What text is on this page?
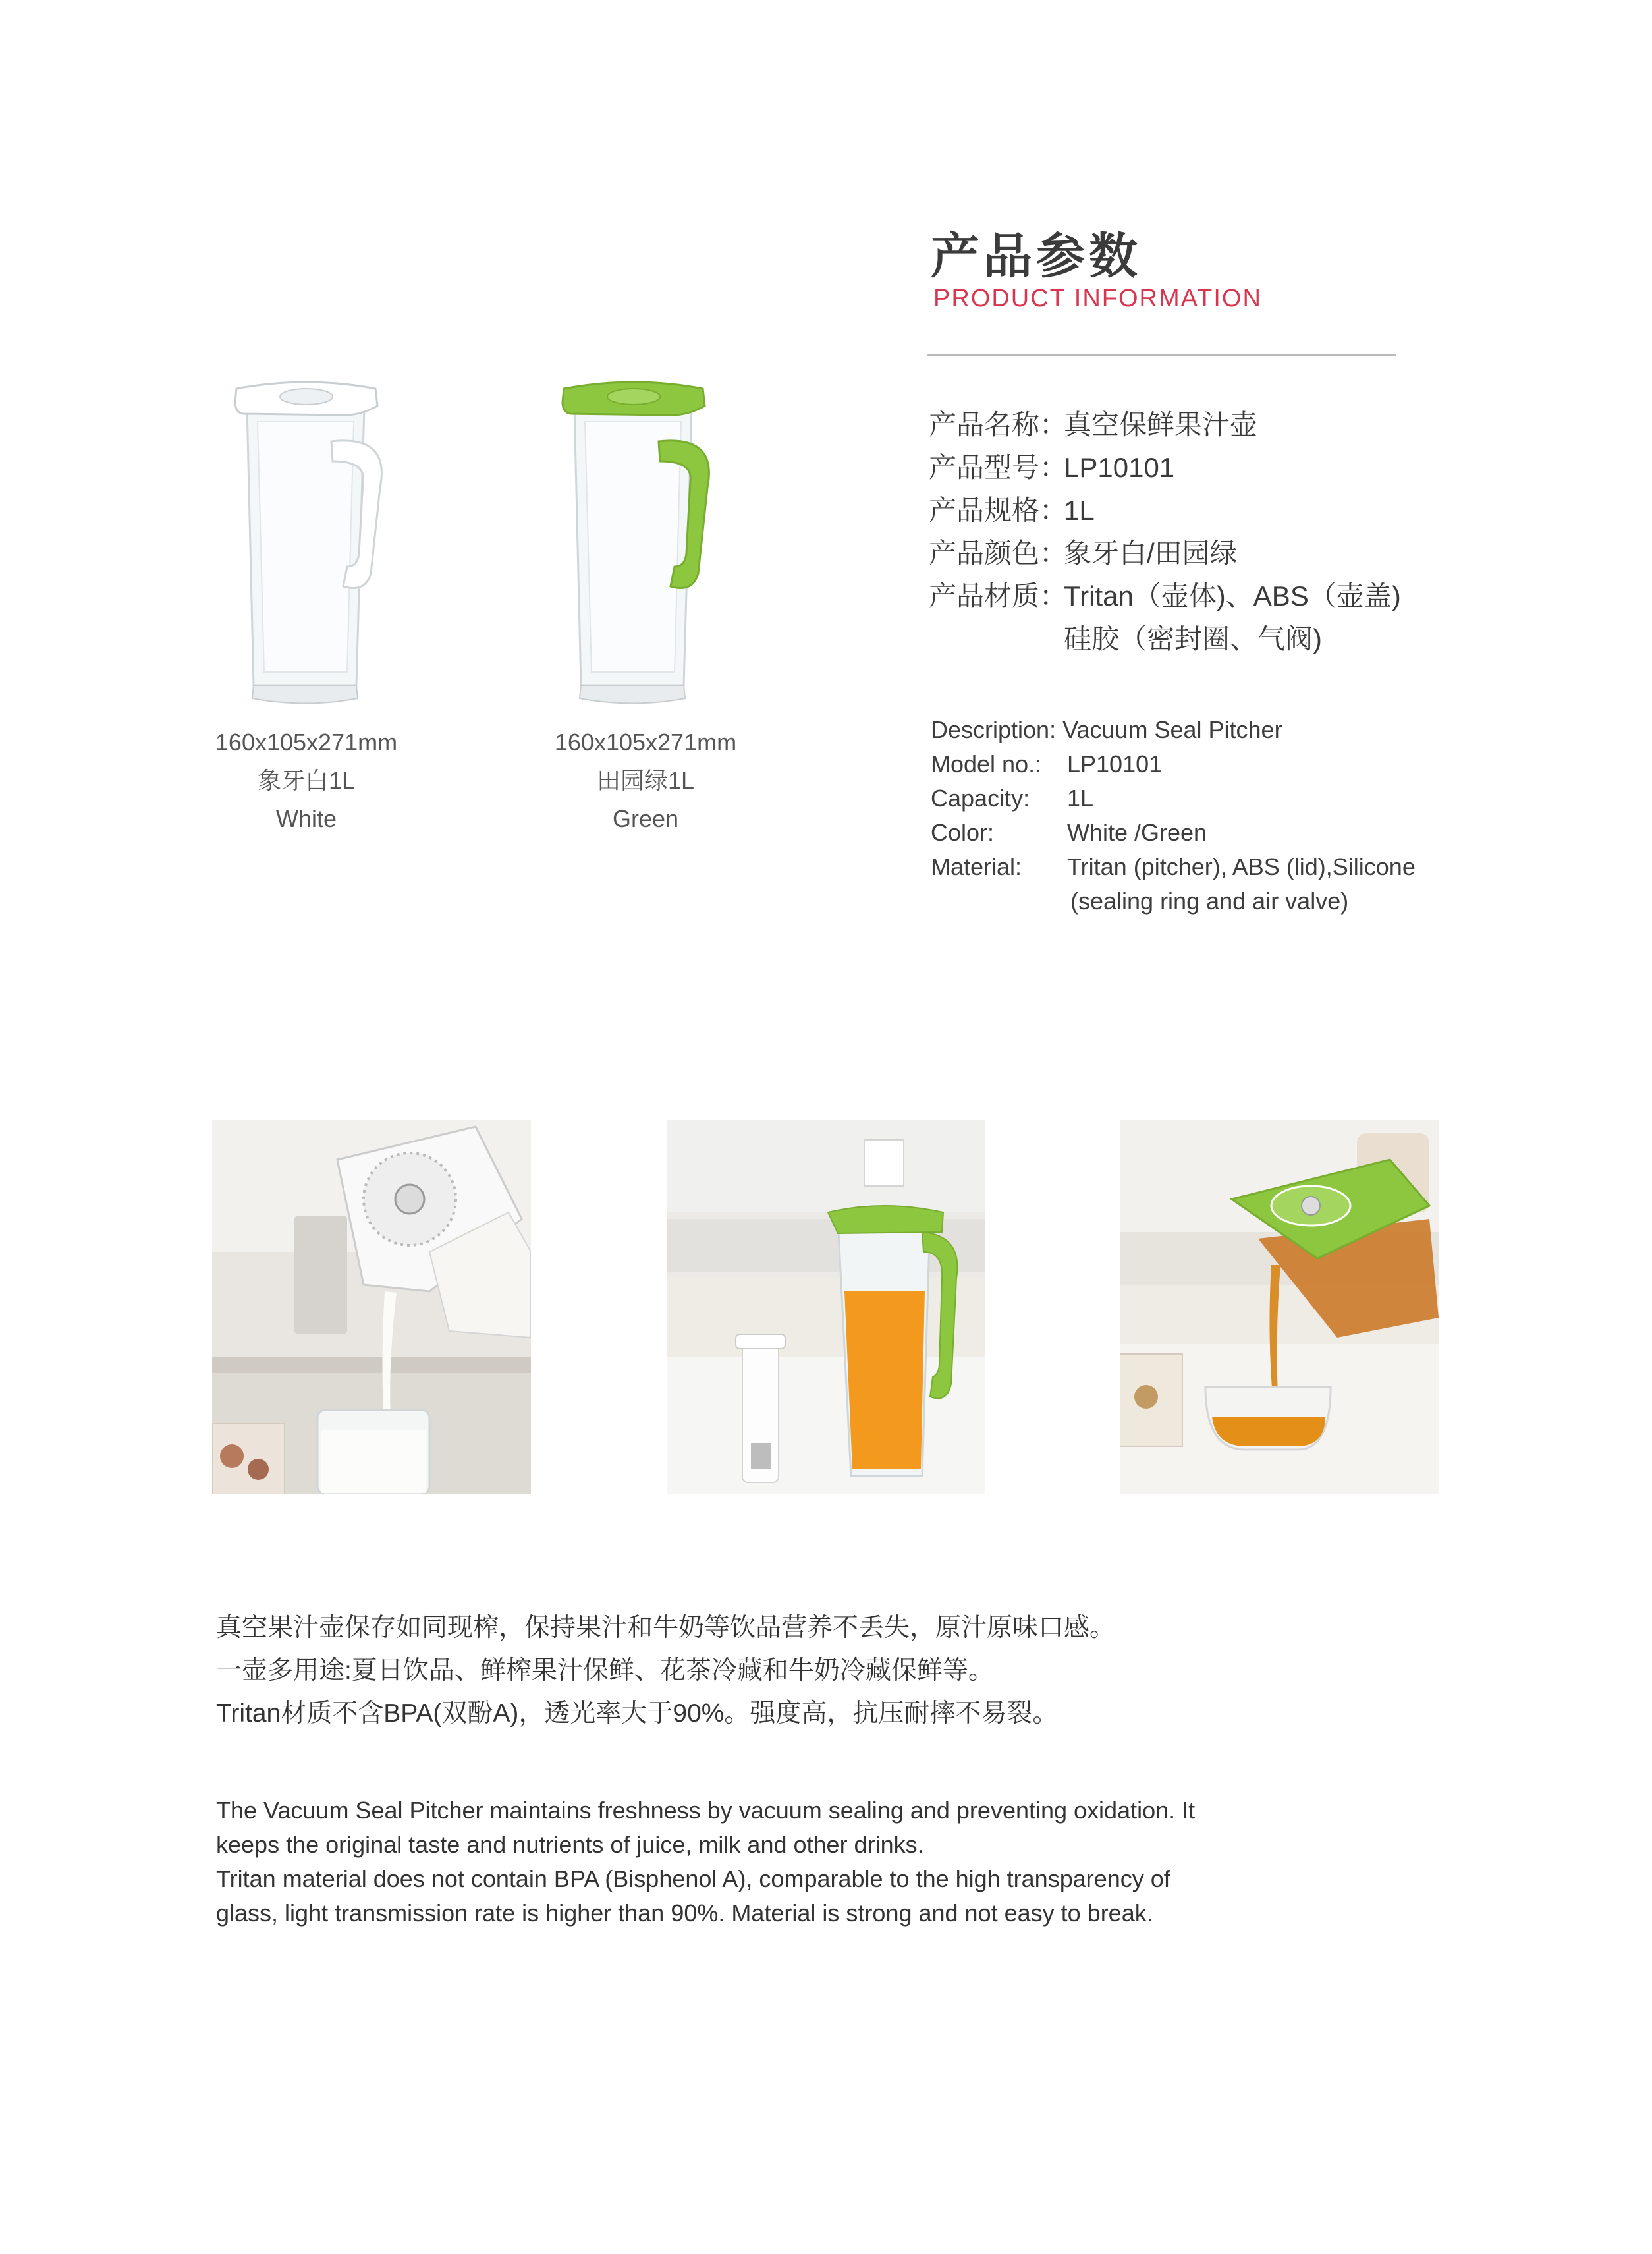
产品参数
PRODUCT INFORMATION
产品名称：
真空保鲜果汁壶
产品型号：
LP10101
产品规格：
1L
产品颜色：
象牙白/田园绿
产品材质：
Tritan（壶体)、ABS（壶盖)
硅胶（密封圈、气阀)
Description: Vacuum Seal Pitcher
Model no.:	LP10101
Capacity:	1L
Color:	White /Green
Material:	Tritan (pitcher), ABS (lid),Silicone
(sealing ring and air valve)
160x105x271mm
象牙白1L
White
160x105x271mm
田园绿1L
Green
真空果汁壶保存如同现榨，保持果汁和牛奶等饮品营养不丢失，原汁原味口感。
一壶多用途:夏日饮品、鲜榨果汁保鲜、花茶冷藏和牛奶冷藏保鲜等。
Tritan材质不含BPA(双酚A)，透光率大于90%。强度高，抗压耐摔不易裂。
The Vacuum Seal Pitcher maintains freshness by vacuum sealing and preventing oxidation. It
keeps the original taste and nutrients of juice, milk and other drinks.
Tritan material does not contain BPA (Bisphenol A), comparable to the high transparency of
glass, light transmission rate is higher than 90%. Material is strong and not easy to break.
